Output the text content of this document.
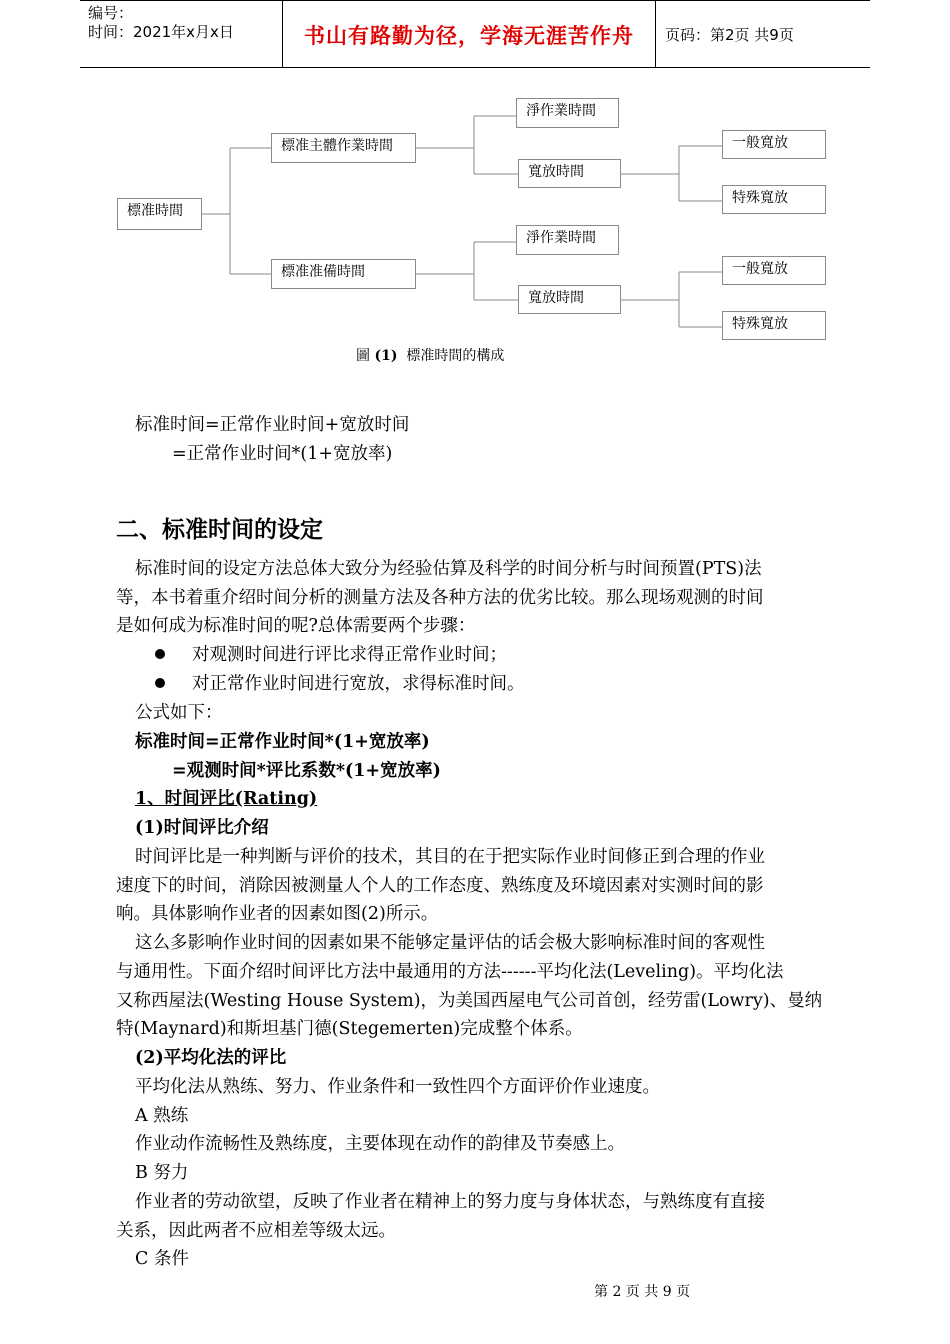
编号：
时间：2021年x月x日	书山有路勤为径，学海无涯苦作舟	页码：第2页 共9页
標准時間
標准主體作業時間
標准准備時間
淨作業時間
寬放時間
淨作業時間
寬放時間
一般寬放
特殊寬放
一般寬放
特殊寬放
圖 (1) 標准時間的構成
标准时间=正常作业时间+宽放时间
=正常作业时间*(1+宽放率)
二、标准时间的设定
标准时间的设定方法总体大致分为经验估算及科学的时间分析与时间预置(PTS)法
等，本书着重介绍时间分析的测量方法及各种方法的优劣比较。那么现场观测的时间
是如何成为标准时间的呢?总体需要两个步骤：
对观测时间进行评比求得正常作业时间；
对正常作业时间进行宽放，求得标准时间。
公式如下：
标准时间=正常作业时间*(1+宽放率)
=观测时间*评比系数*(1+宽放率)
1、时间评比(Rating)
(1)时间评比介绍
时间评比是一种判断与评价的技术，其目的在于把实际作业时间修正到合理的作业
速度下的时间，消除因被测量人个人的工作态度、熟练度及环境因素对实测时间的影
响。具体影响作业者的因素如图(2)所示。
这么多影响作业时间的因素如果不能够定量评估的话会极大影响标准时间的客观性
与通用性。下面介绍时间评比方法中最通用的方法------平均化法(Leveling)。平均化法
又称西屋法(Westing House System)，为美国西屋电气公司首创，经劳雷(Lowry)、曼纳
特(Maynard)和斯坦基门德(Stegemerten)完成整个体系。
(2)平均化法的评比
平均化法从熟练、努力、作业条件和一致性四个方面评价作业速度。
A 熟练
作业动作流畅性及熟练度，主要体现在动作的韵律及节奏感上。
B 努力
作业者的劳动欲望，反映了作业者在精神上的努力度与身体状态，与熟练度有直接
关系，因此两者不应相差等级太远。
C 条件
第 2 页 共 9 页
